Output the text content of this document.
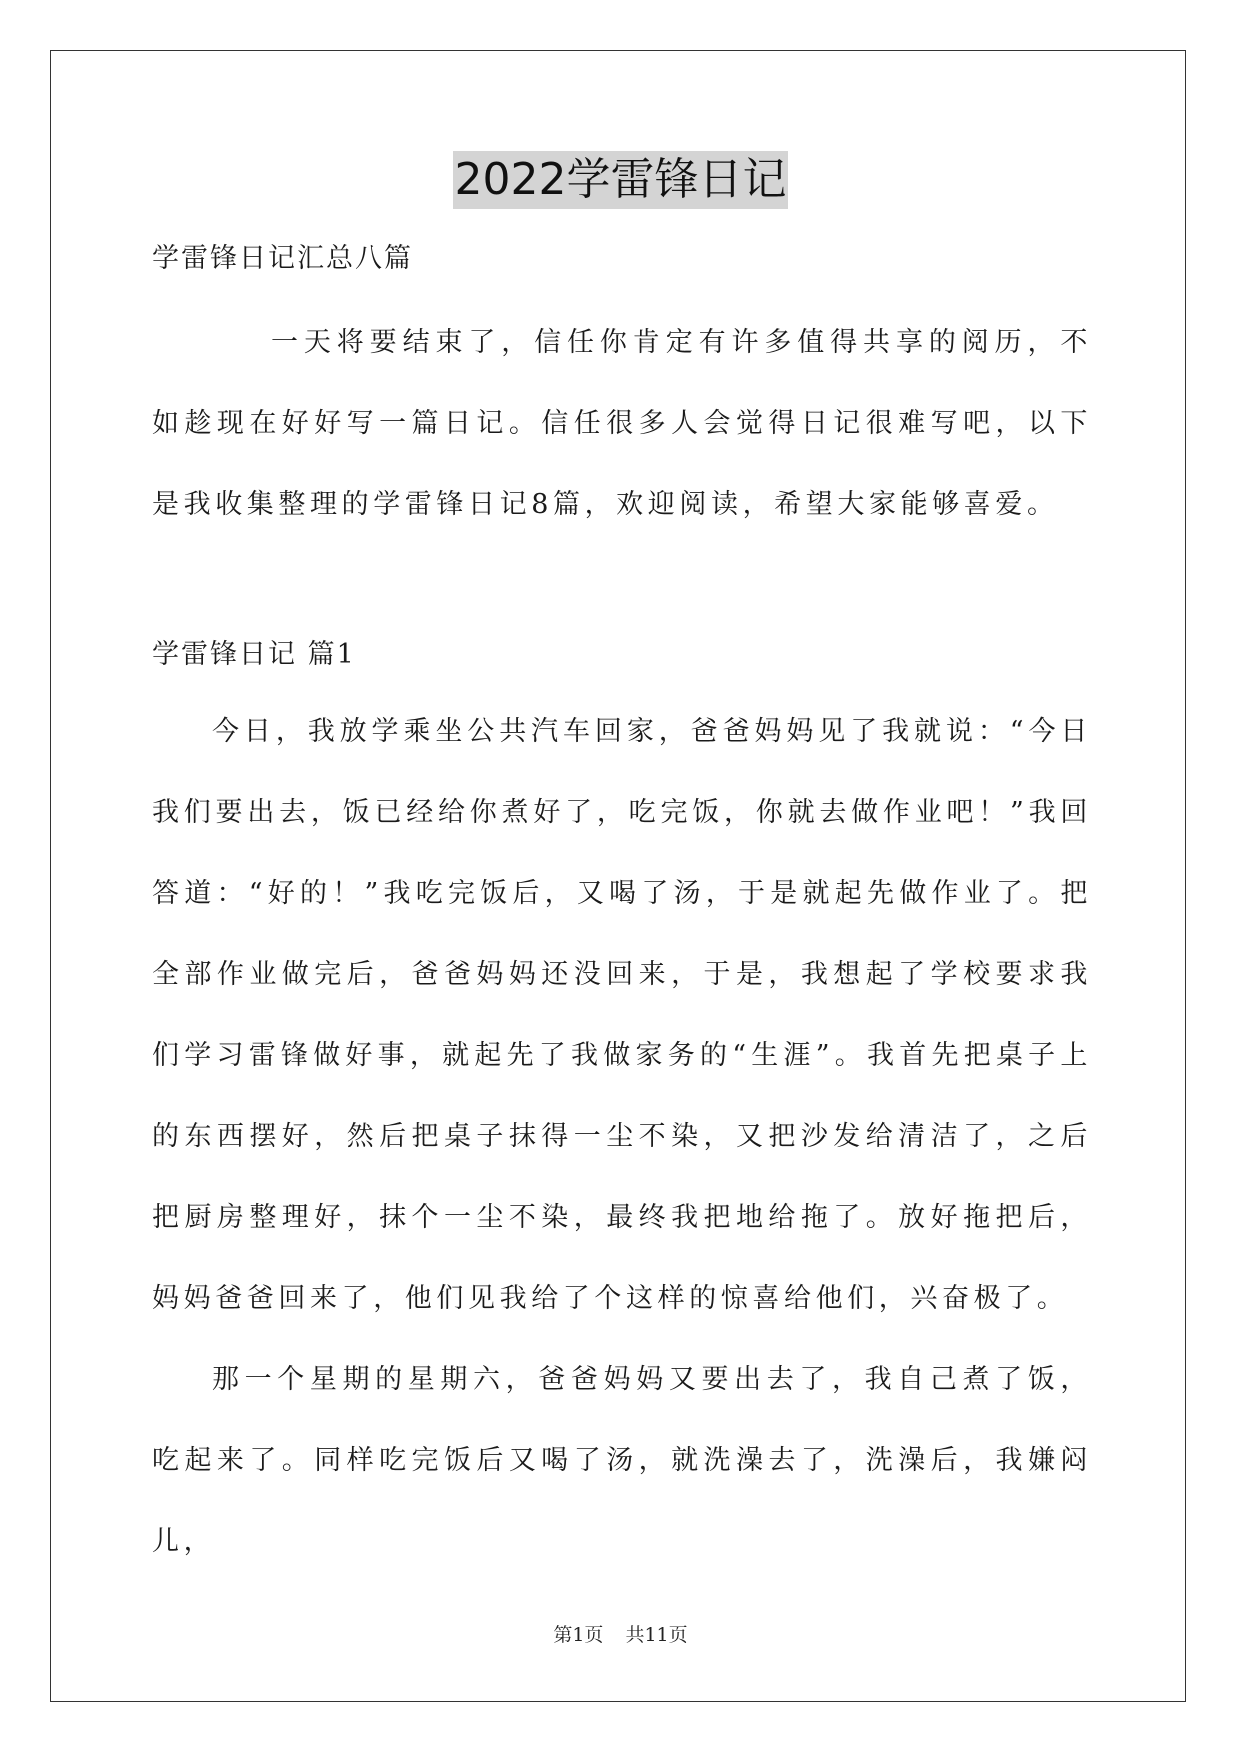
2022学雷锋日记

学雷锋日记汇总八篇

一天将要结束了，信任你肯定有许多值得共享的阅历，不如趁现在好好写一篇日记。信任很多人会觉得日记很难写吧，以下是我收集整理的学雷锋日记8篇，欢迎阅读，希望大家能够喜爱。

学雷锋日记 篇1

今日，我放学乘坐公共汽车回家，爸爸妈妈见了我就说：“今日我们要出去，饭已经给你煮好了，吃完饭，你就去做作业吧！”我回答道：“好的！”我吃完饭后，又喝了汤，于是就起先做作业了。把全部作业做完后，爸爸妈妈还没回来，于是，我想起了学校要求我们学习雷锋做好事，就起先了我做家务的“生涯”。我首先把桌子上的东西摆好，然后把桌子抹得一尘不染，又把沙发给清洁了，之后把厨房整理好，抹个一尘不染，最终我把地给拖了。放好拖把后，妈妈爸爸回来了，他们见我给了个这样的惊喜给他们，兴奋极了。

那一个星期的星期六，爸爸妈妈又要出去了，我自己煮了饭，吃起来了。同样吃完饭后又喝了汤，就洗澡去了，洗澡后，我嫌闷儿，

第1页 共11页
